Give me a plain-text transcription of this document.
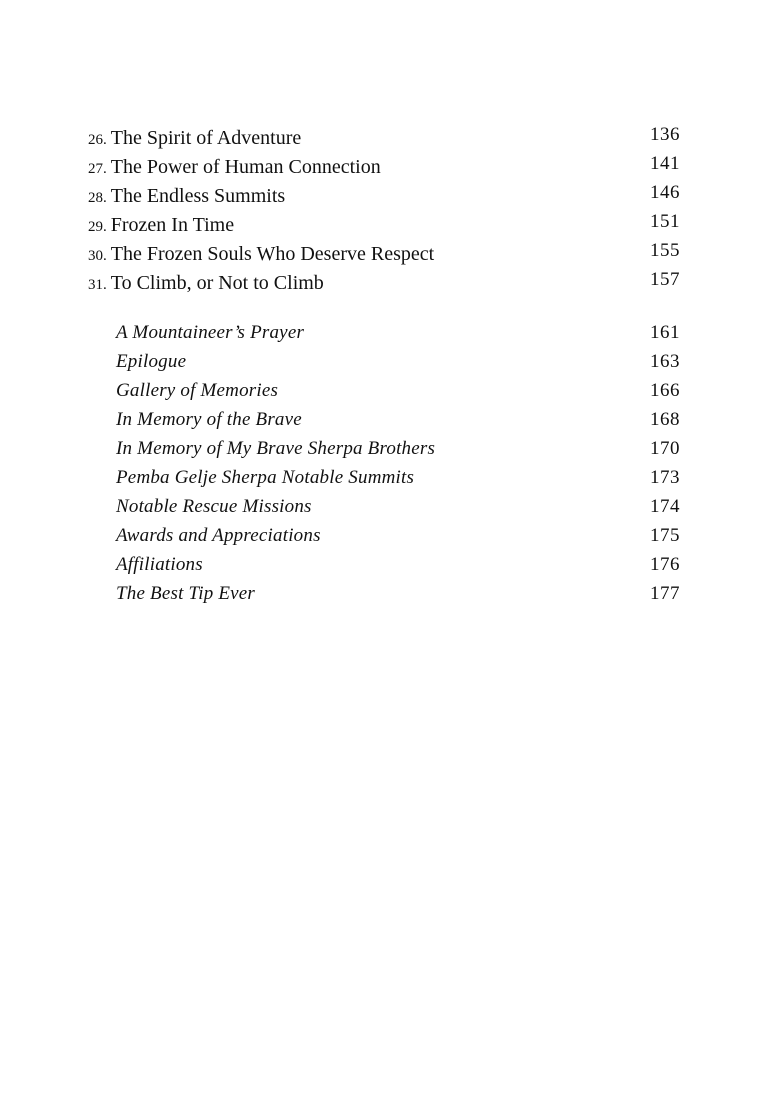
26. The Spirit of Adventure	136
27. The Power of Human Connection	141
28. The Endless Summits	146
29. Frozen In Time	151
30. The Frozen Souls Who Deserve Respect	155
31. To Climb, or Not to Climb	157
A Mountaineer’s Prayer	161
Epilogue	163
Gallery of Memories	166
In Memory of the Brave	168
In Memory of My Brave Sherpa Brothers	170
Pemba Gelje Sherpa Notable Summits	173
Notable Rescue Missions	174
Awards and Appreciations	175
Affiliations	176
The Best Tip Ever	177
